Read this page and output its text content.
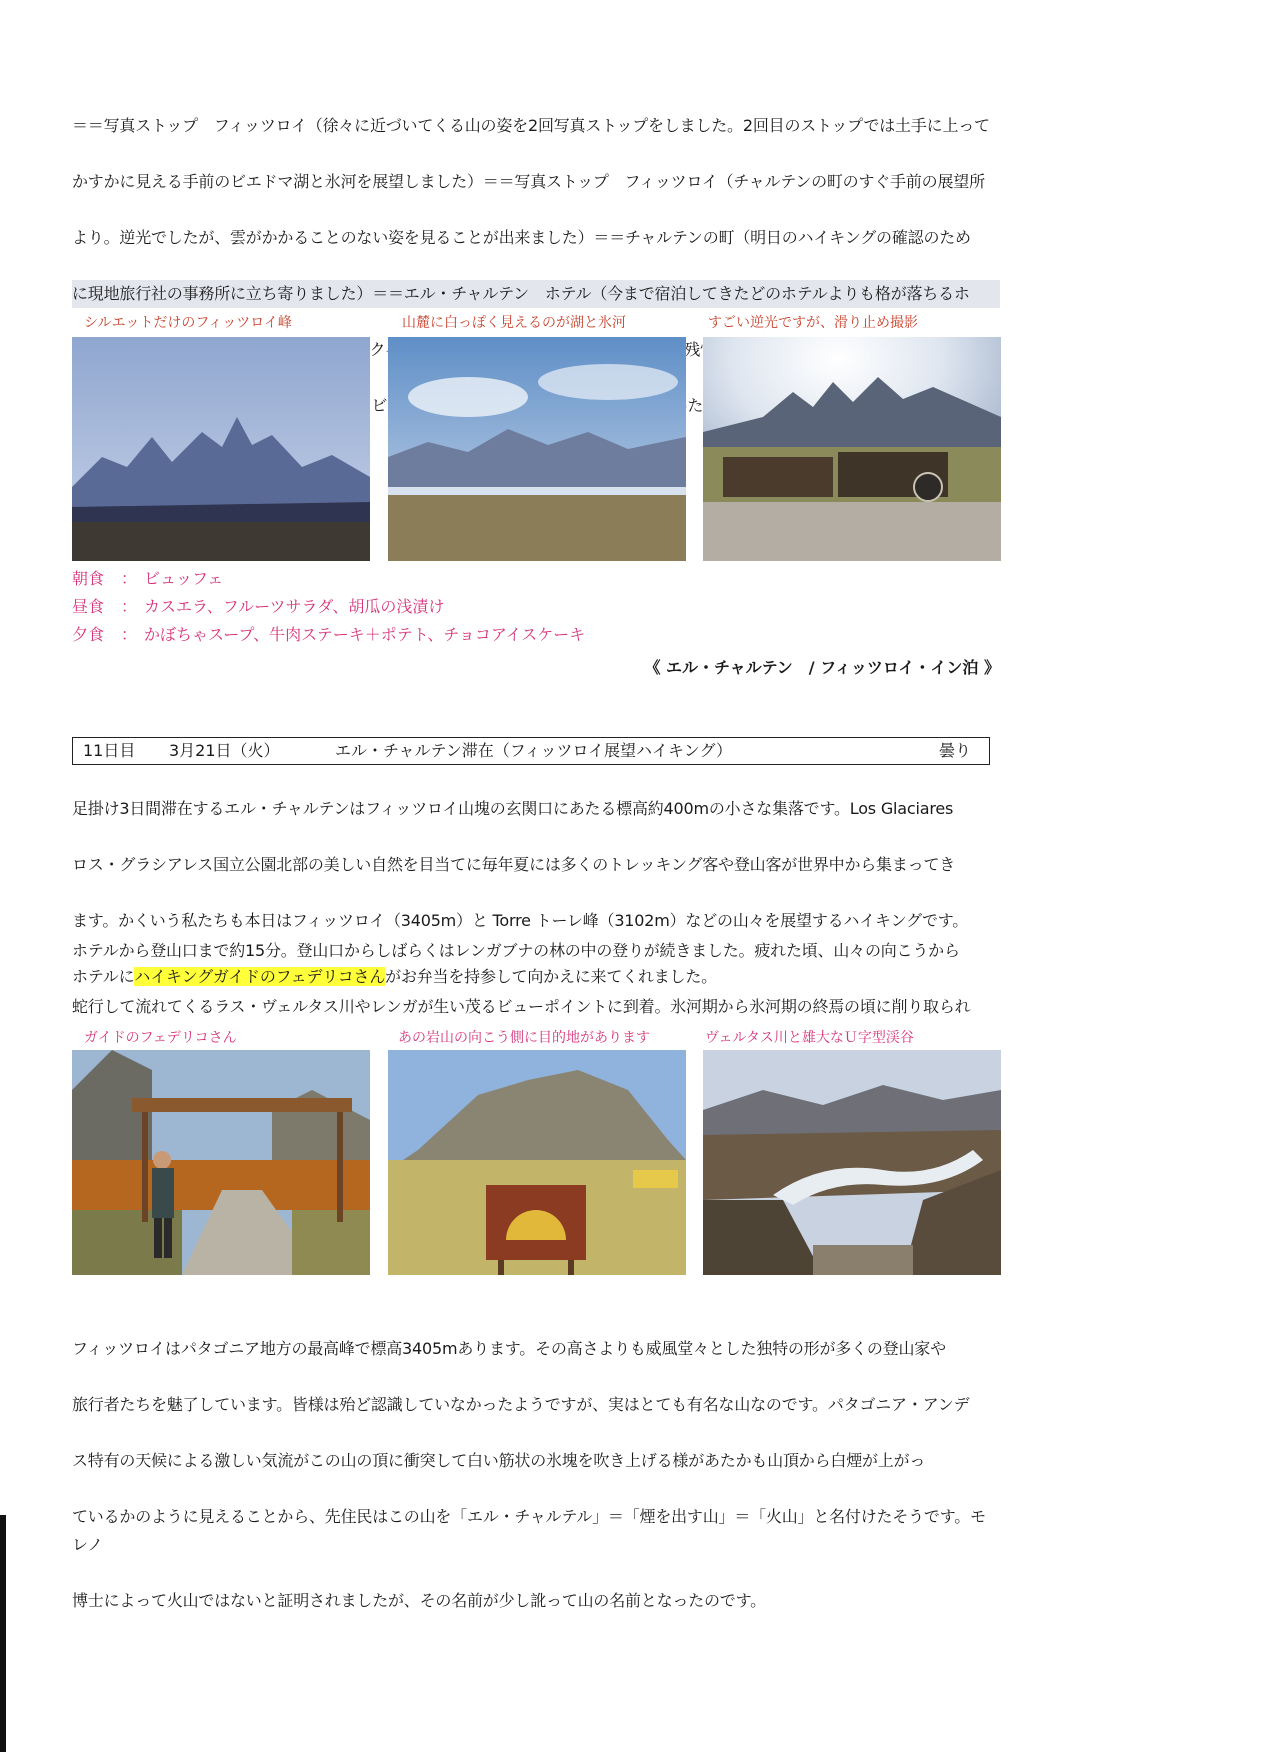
＝＝写真ストップ　フィッツロイ（徐々に近づいてくる山の姿を2回写真ストップをしました。2回目のストップでは土手に上って

かすかに見える手前のビエドマ湖と氷河を展望しました）＝＝写真ストップ　フィッツロイ（チャルテンの町のすぐ手前の展望所

より。逆光でしたが、雲がかかることのない姿を見ることが出来ました）＝＝チャルテンの町（明日のハイキングの確認のため

に現地旅行社の事務所に立ち寄りました）＝＝エル・チャルテン　ホテル（今まで宿泊してきたどのホテルよりも格が落ちるホ

シルエットだけのフィッツロイ峰	山麓に白っぽく見えるのが湖と氷河	すごい逆光ですが、滑り止め撮影
朝食 ： ビュッフェ
昼食 ： カスエラ、フルーツサラダ、胡瓜の浅漬け
夕食 ： かぼちゃスープ、牛肉ステーキ＋ポテト、チョコアイスケーキ
《 エル・チャルテン　/ フィッツロイ・イン泊 》
11日目 3月21日（火）	エル・チャルテン滞在（フィッツロイ展望ハイキング）	曇り

足掛け3日間滞在するエル・チャルテンはフィッツロイ山塊の玄関口にあたる標高約400mの小さな集落です。Los Glaciares

ロス・グラシアレス国立公園北部の美しい自然を目当てに毎年夏には多くのトレッキング客や登山客が世界中から集まってき

ます。かくいう私たちも本日はフィッツロイ（3405m）と Torre トーレ峰（3102m）などの山々を展望するハイキングです。

ホテルにハイキングガイドのフェデリコさんがお弁当を持参して向かえに来てくれました。

ホテルから登山口まで約15分。登山口からしばらくはレンガブナの林の中の登りが続きました。疲れた頃、山々の向こうから

蛇行して流れてくるラス・ヴェルタス川やレンガが生い茂るビューポイントに到着。氷河期から氷河期の終焉の頃に削り取られ

ガイドのフェデリコさん	あの岩山の向こう側に目的地があります	ヴェルタス川と雄大なＵ字型渓谷

フィッツロイはパタゴニア地方の最高峰で標高3405mあります。その高さよりも威風堂々とした独特の形が多くの登山家や

旅行者たちを魅了しています。皆様は殆ど認識していなかったようですが、実はとても有名な山なのです。パタゴニア・アンデ

ス特有の天候による激しい気流がこの山の頂に衝突して白い筋状の氷塊を吹き上げる様があたかも山頂から白煙が上がっ

ているかのように見えることから、先住民はこの山を「エル・チャルテル」＝「煙を出す山」＝「火山」と名付けたそうです。モレノ

博士によって火山ではないと証明されましたが、その名前が少し訛って山の名前となったのです。
